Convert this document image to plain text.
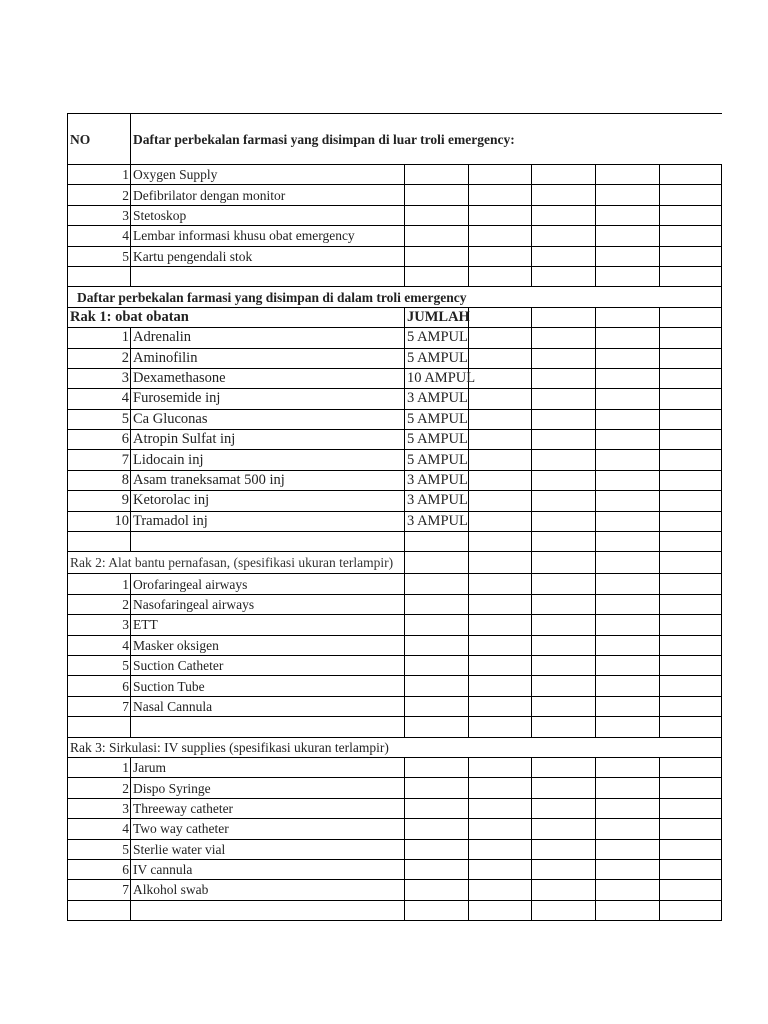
NO	Daftar perbekalan farmasi yang disimpan di luar troli emergency:					
1	Oxygen Supply					
2	Defibrilator dengan monitor					
3	Stetoskop					
4	Lembar informasi khusu obat emergency					
5	Kartu pengendali stok					

Daftar perbekalan farmasi yang disimpan di dalam troli emergency						
Rak 1: obat obatan		JUMLAH				
1	Adrenalin	5 AMPUL				
2	Aminofilin	5 AMPUL				
3	Dexamethasone	10 AMPUL				
4	Furosemide inj	3 AMPUL				
5	Ca Gluconas	5 AMPUL				
6	Atropin Sulfat inj	5 AMPUL				
7	Lidocain inj	5 AMPUL				
8	Asam traneksamat 500 inj	3 AMPUL				
9	Ketorolac inj	3 AMPUL				
10	Tramadol inj	3 AMPUL				

Rak 2: Alat bantu pernafasan, (spesifikasi ukuran terlampir)						
1	Orofaringeal airways					
2	Nasofaringeal airways					
3	ETT					
4	Masker oksigen					
5	Suction Catheter					
6	Suction Tube					
7	Nasal Cannula					

Rak 3: Sirkulasi: IV supplies (spesifikasi ukuran terlampir)						
1	Jarum					
2	Dispo Syringe					
3	Threeway catheter					
4	Two way catheter					
5	Sterlie water vial					
6	IV cannula					
7	Alkohol swab					
